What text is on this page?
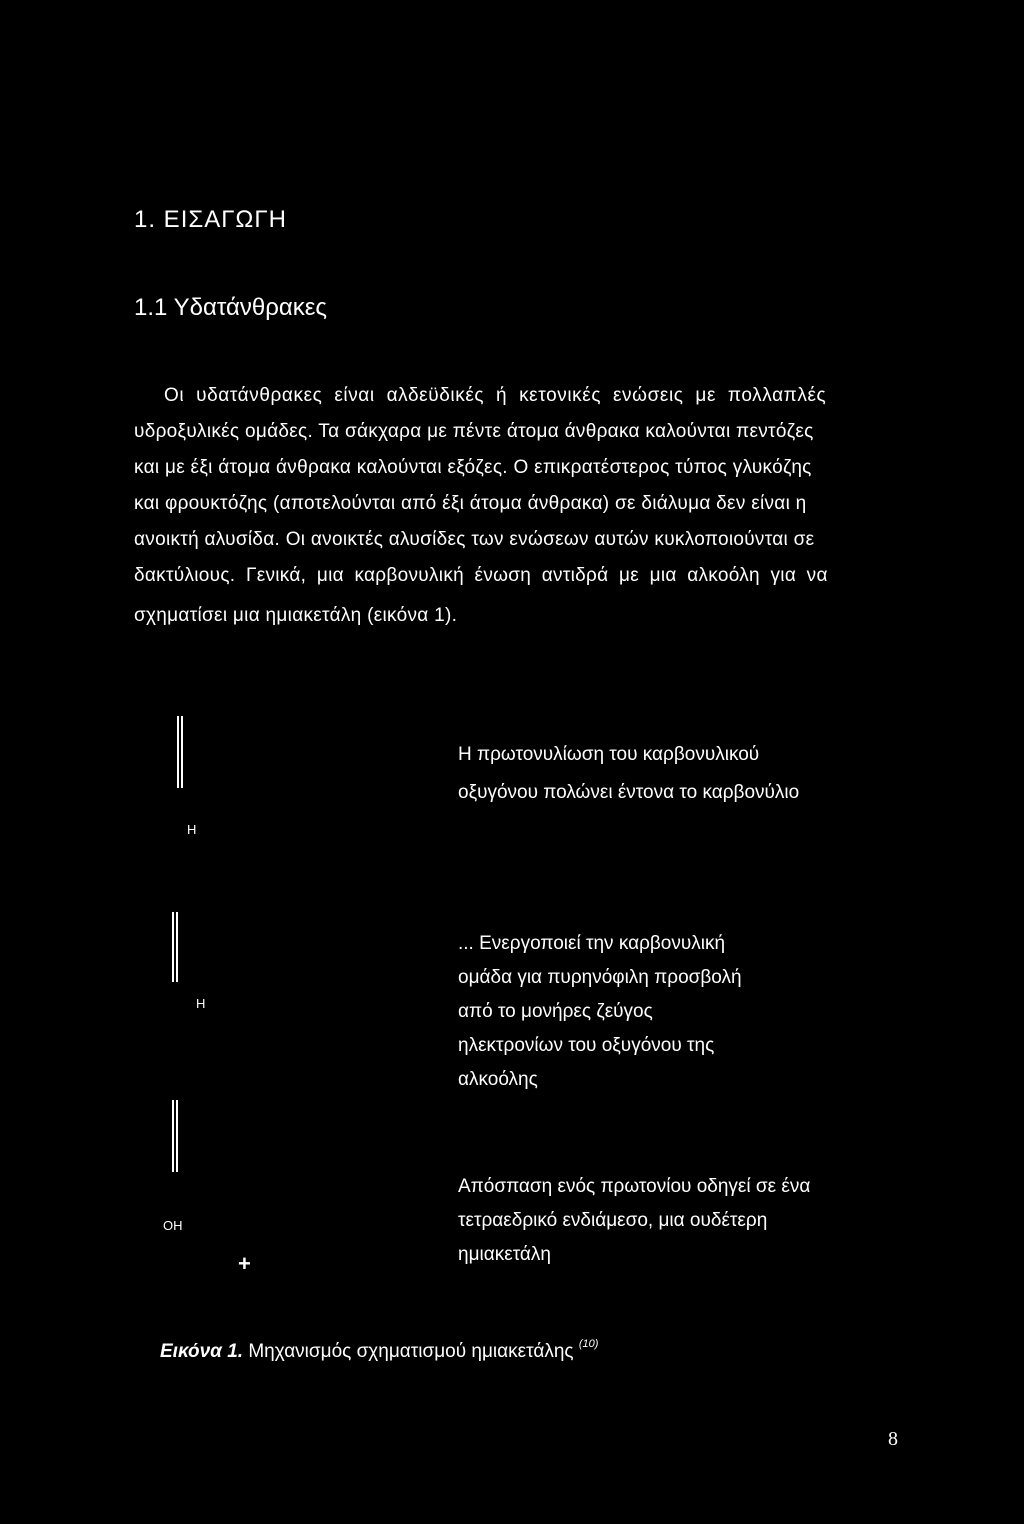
1. ΕΙΣΑΓΩΓΗ
1.1 Υδατάνθρακες
Οι υδατάνθρακες είναι αλδεϋδικές ή κετονικές ενώσεις με πολλαπλές
υδροξυλικές ομάδες. Τα σάκχαρα με πέντε άτομα άνθρακα καλούνται πεντόζες
και με έξι άτομα άνθρακα καλούνται εξόζες. Ο επικρατέστερος τύπος γλυκόζης
και φρουκτόζης (αποτελούνται από έξι άτομα άνθρακα) σε διάλυμα δεν είναι η
ανοικτή αλυσίδα. Οι ανοικτές αλυσίδες των ενώσεων αυτών κυκλοποιούνται σε
δακτύλιους. Γενικά, μια καρβονυλική ένωση αντιδρά με μια αλκοόλη για να
σχηματίσει μια ημιακετάλη (εικόνα 1).
H
H
OH
+
Η πρωτονυλίωση του καρβονυλικού
οξυγόνου πολώνει έντονα το καρβονύλιο
... Ενεργοποιεί την καρβονυλική
ομάδα για πυρηνόφιλη προσβολή
από το μονήρες ζεύγος
ηλεκτρονίων του οξυγόνου της
αλκοόλης
Απόσπαση ενός πρωτονίου οδηγεί σε ένα
τετραεδρικό ενδιάμεσο, μια ουδέτερη
ημιακετάλη
Εικόνα 1. Μηχανισμός σχηματισμού ημιακετάλης $^{(10)}$
8
